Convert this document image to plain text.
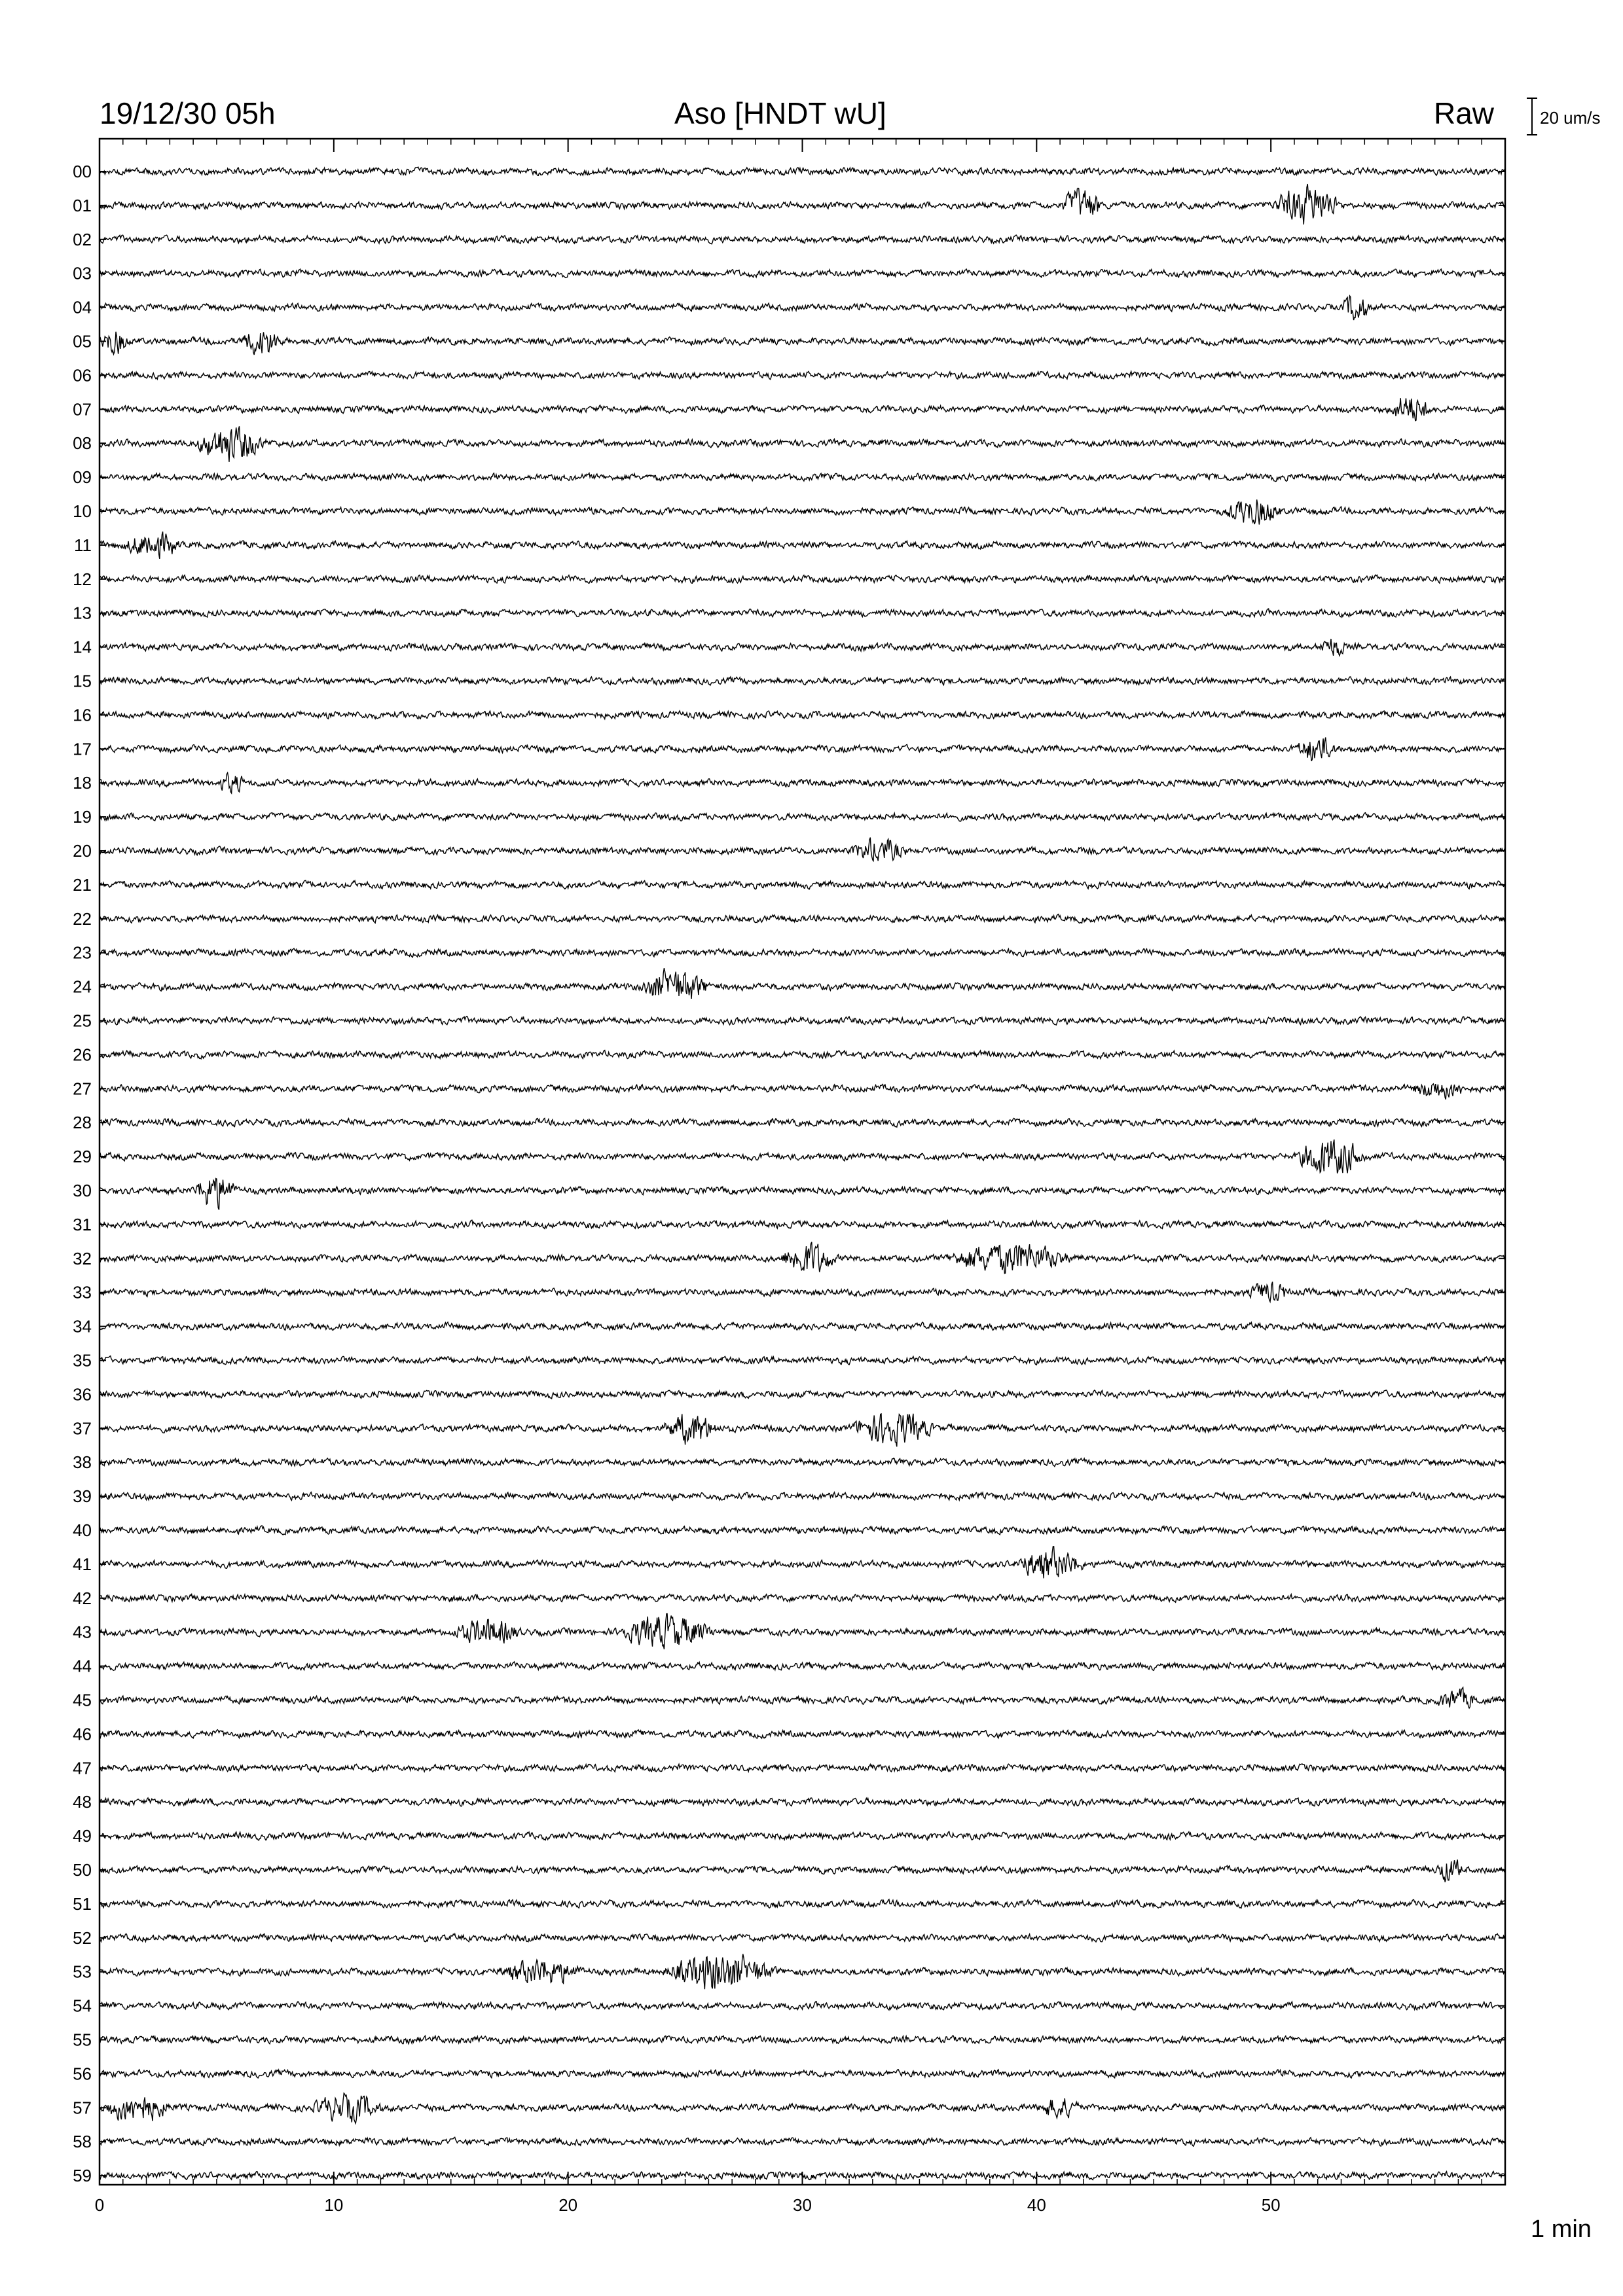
19/12/30 05h	Aso [HNDT wU]	Raw	20 um/s
1 min
0	10	20	30	40	50
00
01
02
03
04
05
06
07
08
09
10
11
12
13
14
15
16
17
18
19
20
21
22
23
24
25
26
27
28
29
30
31
32
33
34
35
36
37
38
39
40
41
42
43
44
45
46
47
48
49
50
51
52
53
54
55
56
57
58
59
